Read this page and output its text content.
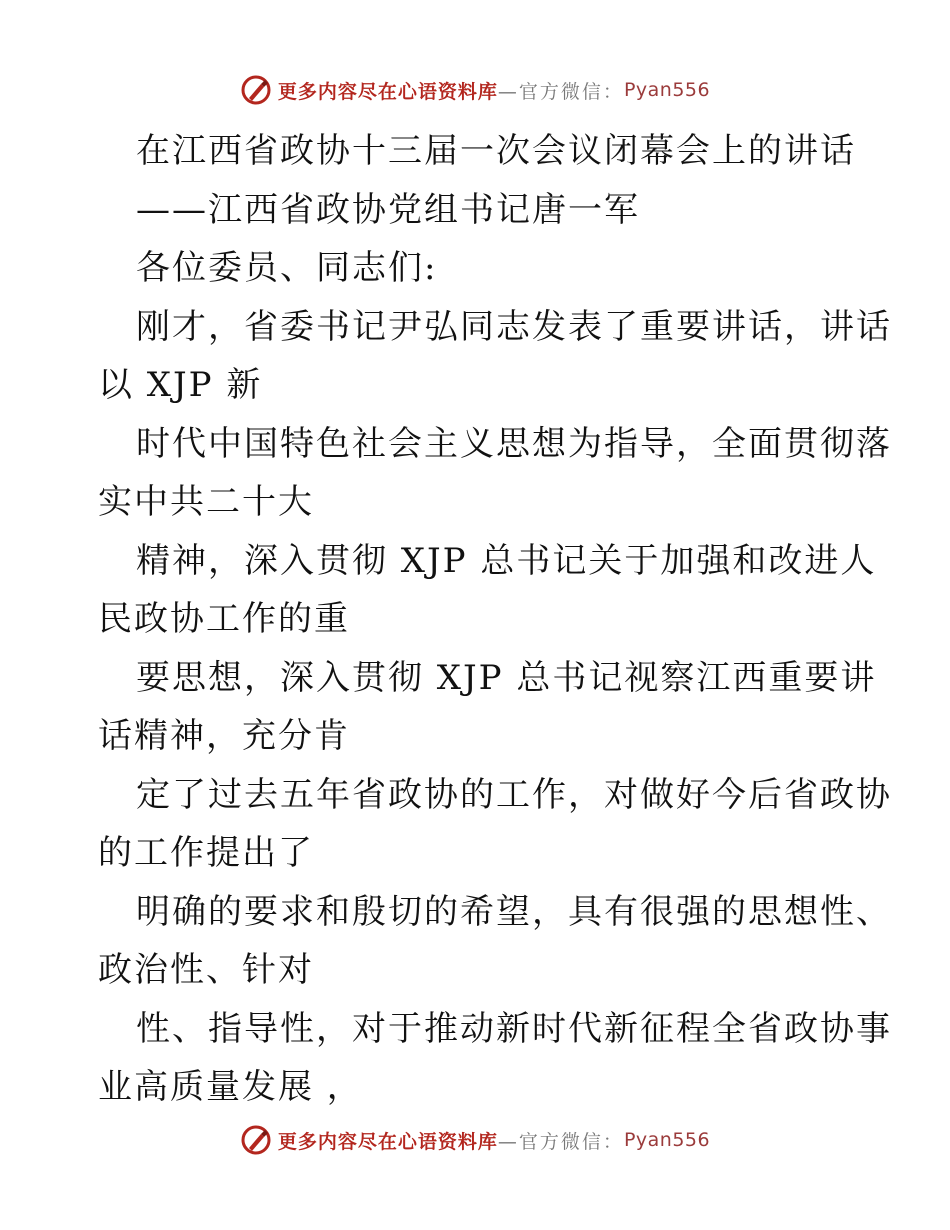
更多内容尽在心语资料库 —官方微信： Pyan556
在江西省政协十三届一次会议闭幕会上的讲话
——江西省政协党组书记唐一军
各位委员、同志们:
刚才，省委书记尹弘同志发表了重要讲话，讲话
以 XJP 新
时代中国特色社会主义思想为指导，全面贯彻落
实中共二十大
精神，深入贯彻 XJP 总书记关于加强和改进人
民政协工作的重
要思想，深入贯彻 XJP 总书记视察江西重要讲
话精神，充分肯
定了过去五年省政协的工作，对做好今后省政协
的工作提出了
明确的要求和殷切的希望，具有很强的思想性、
政治性、针对
性、指导性，对于推动新时代新征程全省政协事
业高质量发展 ，
更多内容尽在心语资料库 —官方微信： Pyan556
